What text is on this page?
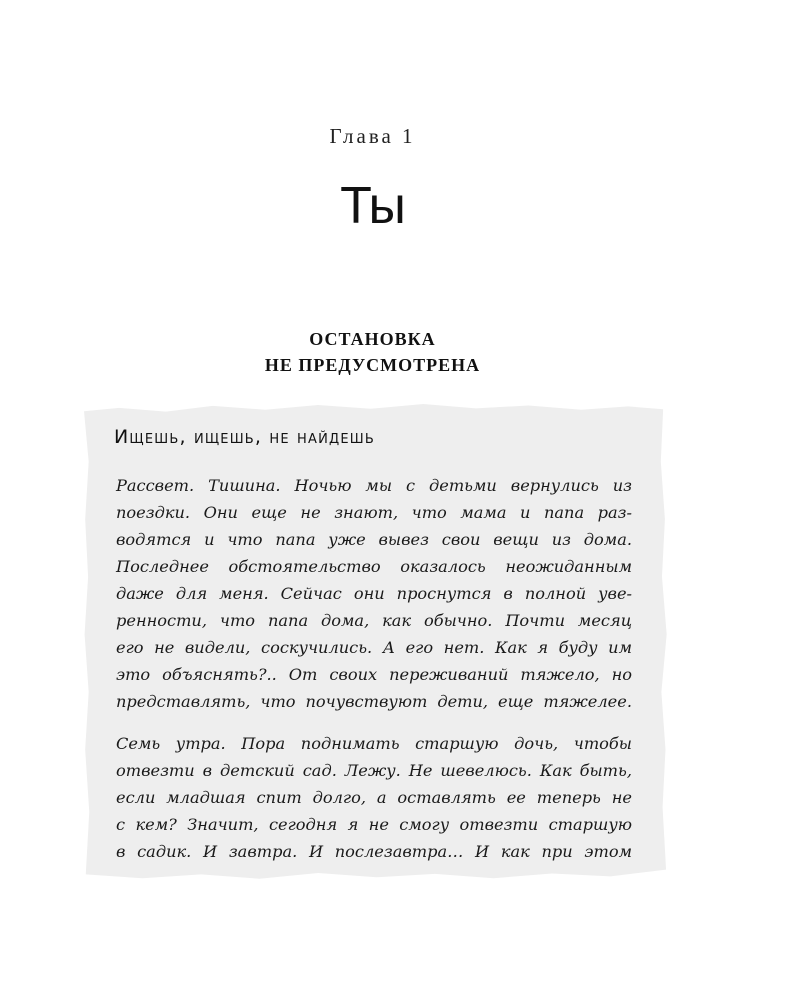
Глава 1
Ты
ОСТАНОВКА
НЕ ПРЕДУСМОТРЕНА
Ищешь, ищешь, не найдешь
Рассвет. Тишина. Ночью мы с детьми вернулись из
поездки. Они еще не знают, что мама и папа раз-
водятся и что папа уже вывез свои вещи из дома.
Последнее обстоятельство оказалось неожиданным
даже для меня. Сейчас они проснутся в полной уве-
ренности, что папа дома, как обычно. Почти месяц
его не видели, соскучились. А его нет. Как я буду им
это объяснять?.. От своих переживаний тяжело, но
представлять, что почувствуют дети, еще тяжелее.
Семь утра. Пора поднимать старшую дочь, чтобы
отвезти в детский сад. Лежу. Не шевелюсь. Как быть,
если младшая спит долго, а оставлять ее теперь не
с кем? Значит, сегодня я не смогу отвезти старшую
в садик. И завтра. И послезавтра… И как при этом
